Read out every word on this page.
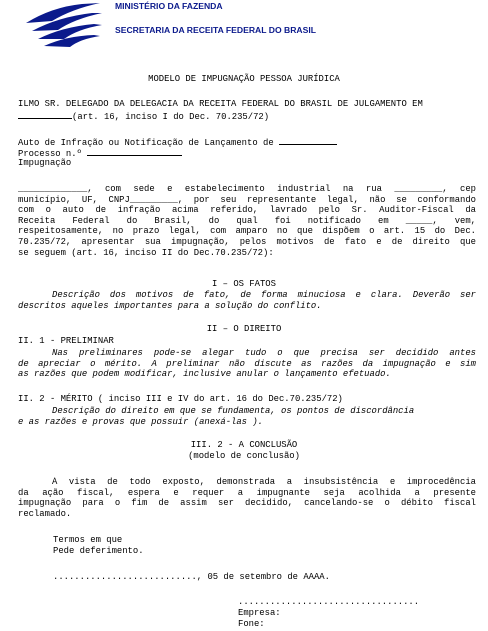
MINISTÉRIO DA FAZENDA
SECRETARIA DA RECEITA FEDERAL DO BRASIL
MODELO DE IMPUGNAÇÃO PESSOA JURÍDICA
ILMO SR. DELEGADO DA DELEGACIA DA RECEITA FEDERAL DO BRASIL DE JULGAMENTO EM
(art. 16, inciso I do Dec. 70.235/72)
Auto de Infração ou Notificação de Lançamento de
Processo n.º
Impugnação
_____________, com sede e estabelecimento industrial na rua _________, cep
município, UF, CNPJ_________, por seu representante legal, não se conformando
com o auto de infração acima referido, lavrado pelo Sr. Auditor-Fiscal da
Receita Federal do Brasil, do qual foi notificado em _____, vem,
respeitosamente, no prazo legal, com amparo no que dispõem o art. 15 do Dec.
70.235/72, apresentar sua impugnação, pelos motivos de fato e de direito que
se seguem (art. 16, inciso II do Dec.70.235/72):
I – OS FATOS
Descrição dos motivos de fato, de forma minuciosa e clara. Deverão ser
descritos aqueles importantes para a solução do conflito.
II – O DIREITO
II. 1 - PRELIMINAR
Nas preliminares pode-se alegar tudo o que precisa ser decidido antes
de apreciar o mérito. A preliminar não discute as razões da impugnação e sim
as razões que podem modificar, inclusive anular o lançamento efetuado.
II. 2 - MÉRITO ( inciso III e IV do art. 16 do Dec.70.235/72)
Descrição do direito em que se fundamenta, os pontos de discordância
e as razões e provas que possuir (anexá-las ).
III. 2 - A CONCLUSÃO
(modelo de conclusão)
À vista de todo exposto, demonstrada a insubsistência e improcedência
da ação fiscal, espera e requer a impugnante seja acolhida a presente
impugnação para o fim de assim ser decidido, cancelando-se o débito fiscal
reclamado.
Termos em que
Pede deferimento.
..........................., 05 de setembro de AAAA.
..................................
Empresa:
Fone:
